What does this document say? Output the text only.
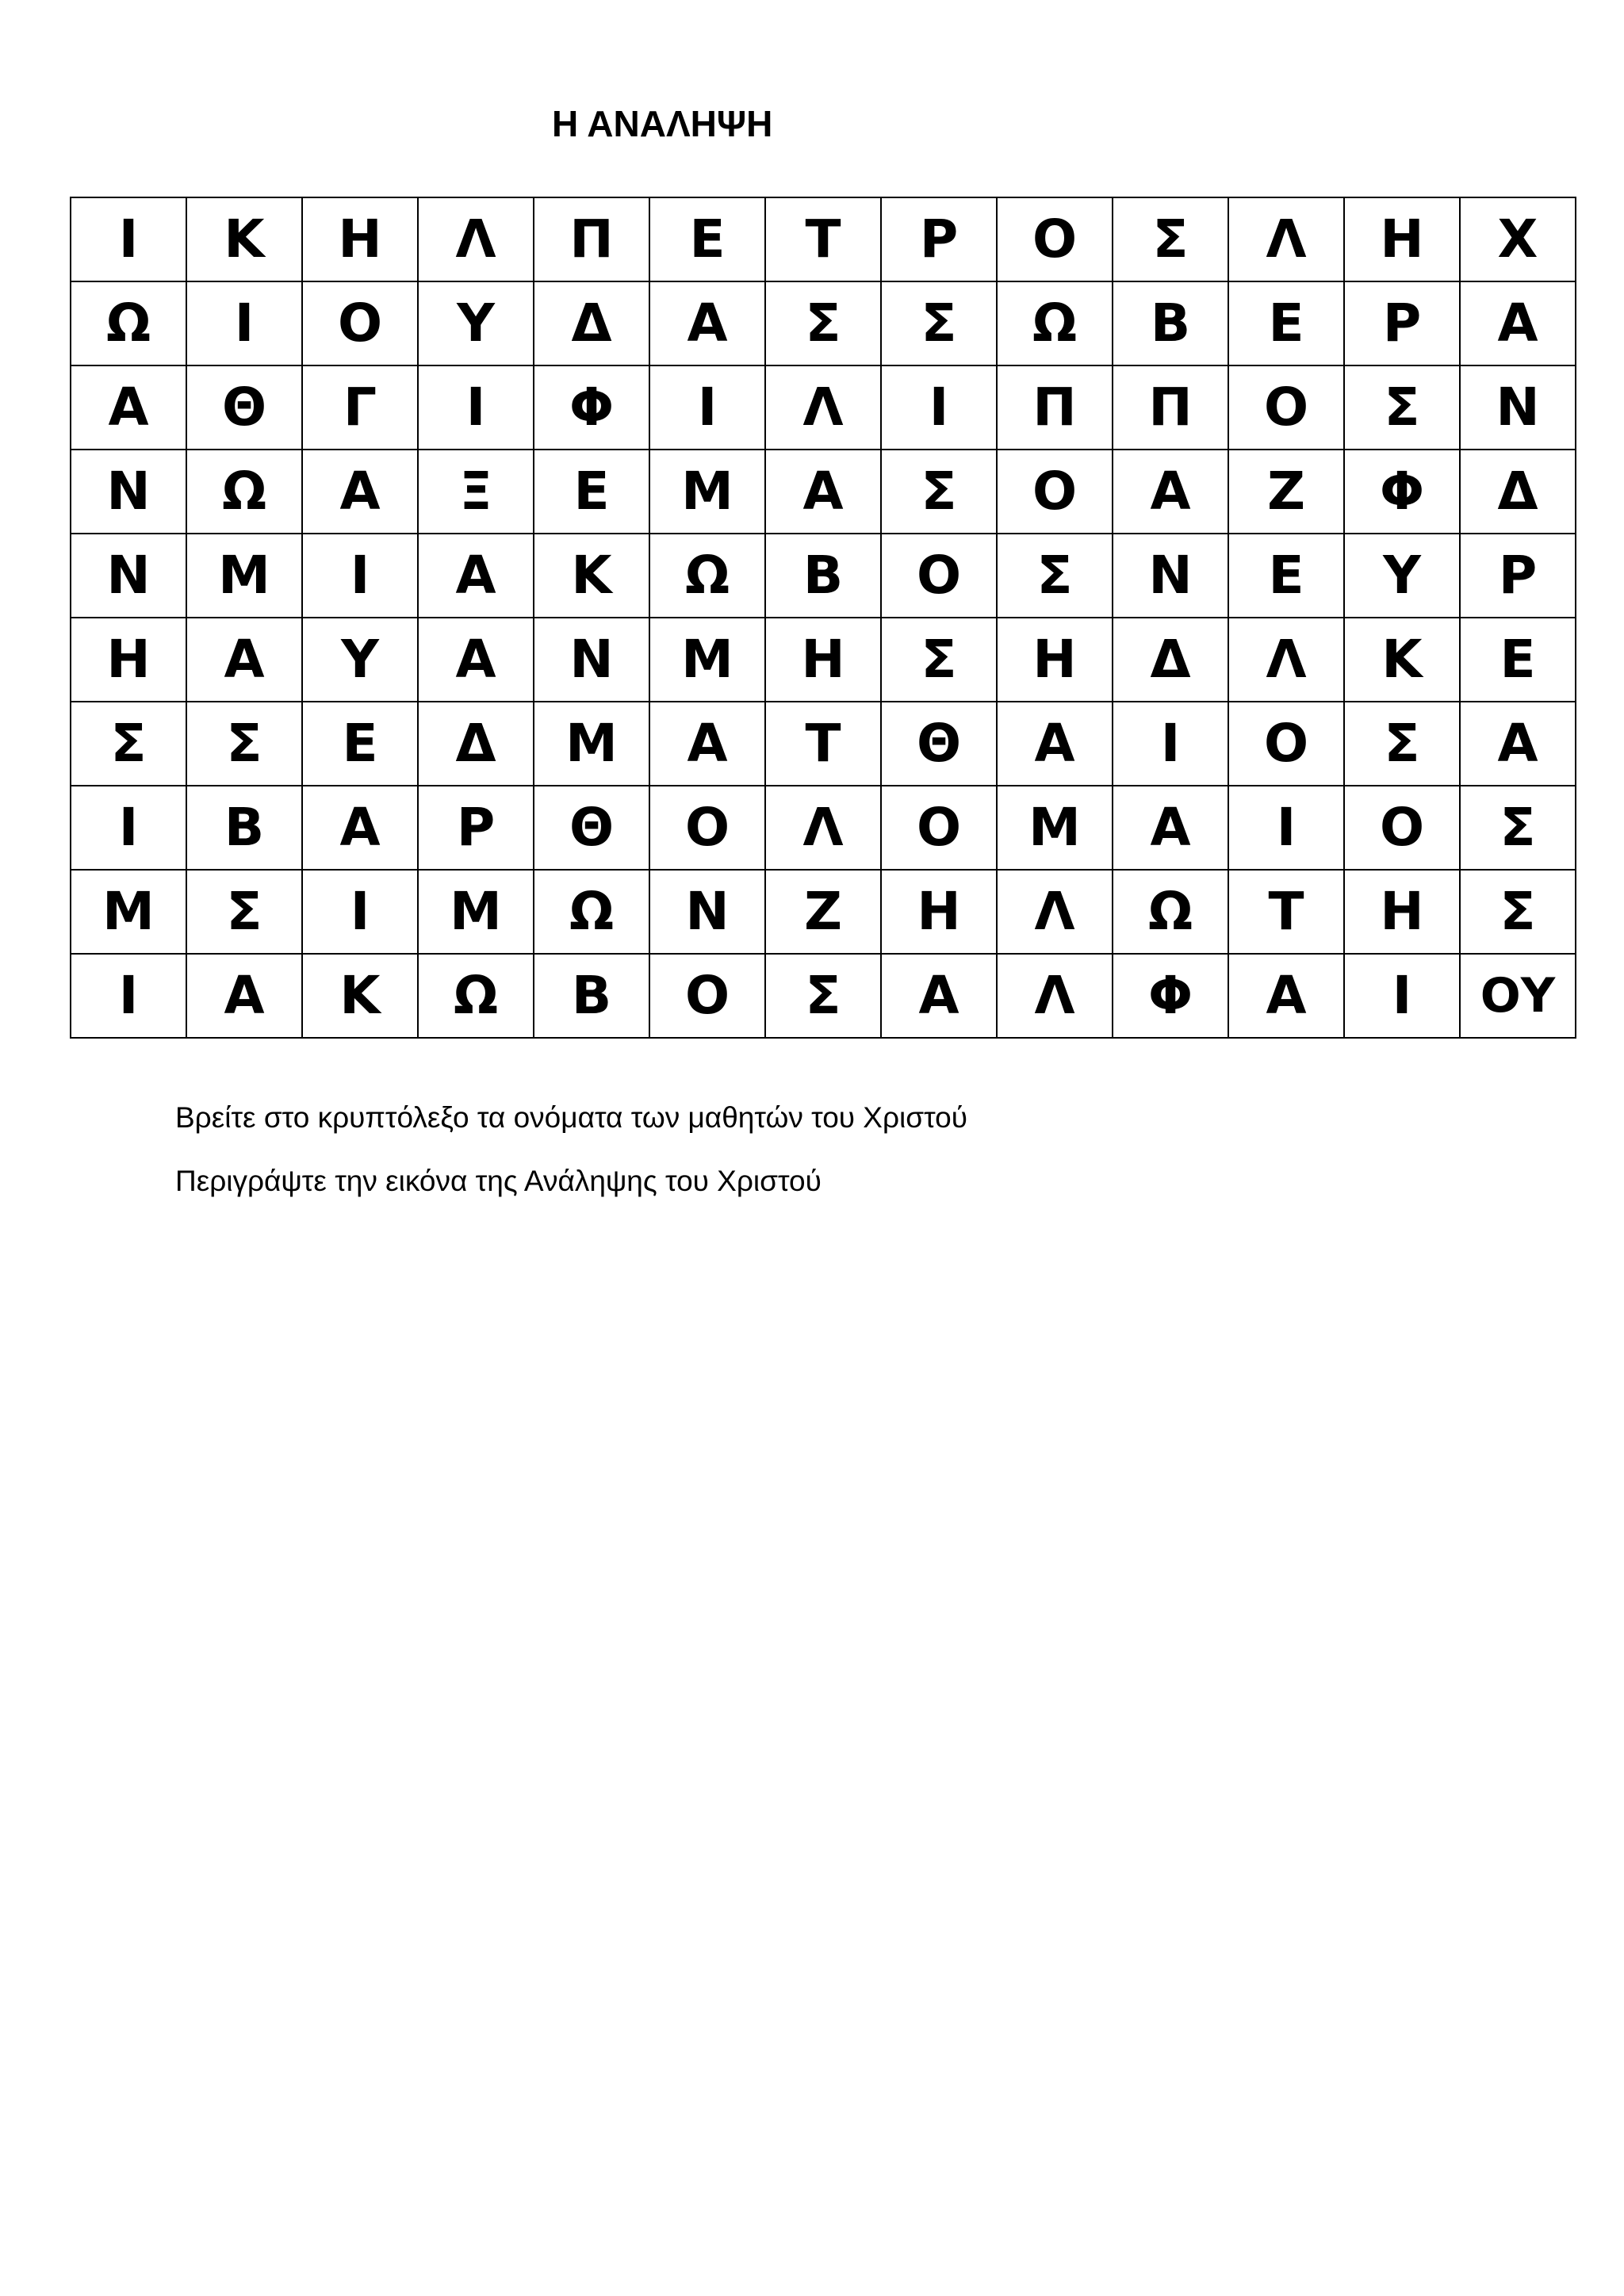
Η ΑΝΑΛΗΨΗ
Ι	Κ	Η	Λ	Π	Ε	Τ	Ρ	Ο	Σ	Λ	Η	Χ
Ω	Ι	Ο	Υ	Δ	Α	Σ	Σ	Ω	Β	Ε	Ρ	Α
Α	Θ	Γ	Ι	Φ	Ι	Λ	Ι	Π	Π	Ο	Σ	Ν
Ν	Ω	Α	Ξ	Ε	Μ	Α	Σ	Ο	Α	Ζ	Φ	Δ
Ν	Μ	Ι	Α	Κ	Ω	Β	Ο	Σ	Ν	Ε	Υ	Ρ
Η	Α	Υ	Α	Ν	Μ	Η	Σ	Η	Δ	Λ	Κ	Ε
Σ	Σ	Ε	Δ	Μ	Α	Τ	Θ	Α	Ι	Ο	Σ	Α
Ι	Β	Α	Ρ	Θ	Ο	Λ	Ο	Μ	Α	Ι	Ο	Σ
Μ	Σ	Ι	Μ	Ω	Ν	Ζ	Η	Λ	Ω	Τ	Η	Σ
Ι	Α	Κ	Ω	Β	Ο	Σ	Α	Λ	Φ	Α	Ι	ΟΥ
Βρείτε στο κρυπτόλεξο τα ονόματα των μαθητών του Χριστού
Περιγράψτε την εικόνα της Ανάληψης του Χριστού
